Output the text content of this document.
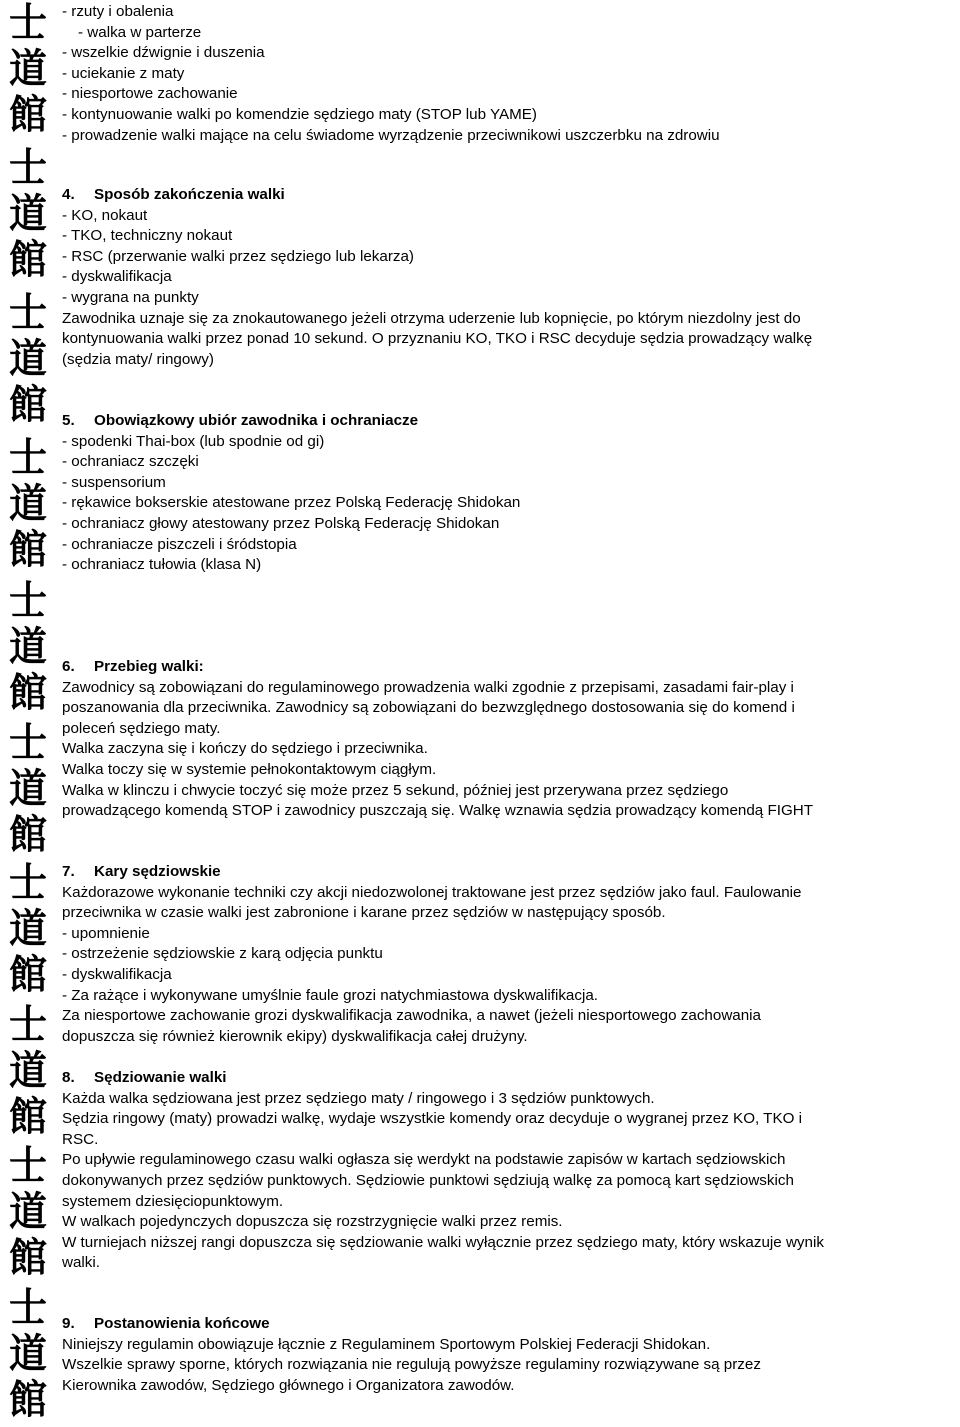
士
道
館
士
道
館
士
道
館
士
道
館
士
道
館
士
道
館
士
道
館
士
道
館
士
道
館
士
道
館
- rzuty i obalenia
- walka w parterze
- wszelkie dźwignie i duszenia
- uciekanie z maty
- niesportowe zachowanie
- kontynuowanie walki po komendzie sędziego maty (STOP lub YAME)
- prowadzenie walki mające na celu świadome wyrządzenie przeciwnikowi uszczerbku na zdrowiu
4. Sposób zakończenia walki
- KO, nokaut
- TKO, techniczny nokaut
- RSC (przerwanie walki przez sędziego lub lekarza)
- dyskwalifikacja
- wygrana na punkty
Zawodnika uznaje się za znokautowanego jeżeli otrzyma uderzenie lub kopnięcie, po którym niezdolny jest do
kontynuowania walki przez ponad 10 sekund. O przyznaniu KO, TKO i RSC decyduje sędzia prowadzący walkę
(sędzia maty/ ringowy)
5. Obowiązkowy ubiór zawodnika i ochraniacze
- spodenki Thai-box (lub spodnie od gi)
- ochraniacz szczęki
- suspensorium
- rękawice bokserskie atestowane przez Polską Federację Shidokan
- ochraniacz głowy atestowany przez Polską Federację Shidokan
- ochraniacze piszczeli i śródstopia
- ochraniacz tułowia (klasa N)
6. Przebieg walki:
Zawodnicy są zobowiązani do regulaminowego prowadzenia walki zgodnie z przepisami, zasadami fair-play i
poszanowania dla przeciwnika. Zawodnicy są zobowiązani do bezwzględnego dostosowania się do komend i
poleceń sędziego maty.
Walka zaczyna się i kończy do sędziego i przeciwnika.
Walka toczy się w systemie pełnokontaktowym ciągłym.
Walka w klinczu i chwycie toczyć się może przez 5 sekund, później jest przerywana przez sędziego
prowadzącego komendą STOP i zawodnicy puszczają się. Walkę wznawia sędzia prowadzący komendą FIGHT
7. Kary sędziowskie
Każdorazowe wykonanie techniki czy akcji niedozwolonej traktowane jest przez sędziów jako faul. Faulowanie
przeciwnika w czasie walki jest zabronione i karane przez sędziów w następujący sposób.
- upomnienie
- ostrzeżenie sędziowskie z karą odjęcia punktu
- dyskwalifikacja
- Za rażące i wykonywane umyślnie faule grozi natychmiastowa dyskwalifikacja.
Za niesportowe zachowanie grozi dyskwalifikacja zawodnika, a nawet (jeżeli niesportowego zachowania
dopuszcza się również kierownik ekipy) dyskwalifikacja całej drużyny.
8. Sędziowanie walki
Każda walka sędziowana jest przez sędziego maty / ringowego i 3 sędziów punktowych.
Sędzia ringowy (maty) prowadzi walkę, wydaje wszystkie komendy oraz decyduje o wygranej przez KO, TKO i
RSC.
Po upływie regulaminowego czasu walki ogłasza się werdykt na podstawie zapisów w kartach sędziowskich
dokonywanych przez sędziów punktowych. Sędziowie punktowi sędziują walkę za pomocą kart sędziowskich
systemem dziesięciopunktowym.
W walkach pojedynczych dopuszcza się rozstrzygnięcie walki przez remis.
W turniejach niższej rangi dopuszcza się sędziowanie walki wyłącznie przez sędziego maty, który wskazuje wynik
walki.
9. Postanowienia końcowe
Niniejszy regulamin obowiązuje łącznie z Regulaminem Sportowym Polskiej Federacji Shidokan.
Wszelkie sprawy sporne, których rozwiązania nie regulują powyższe regulaminy rozwiązywane są przez
Kierownika zawodów, Sędziego głównego i Organizatora zawodów.
